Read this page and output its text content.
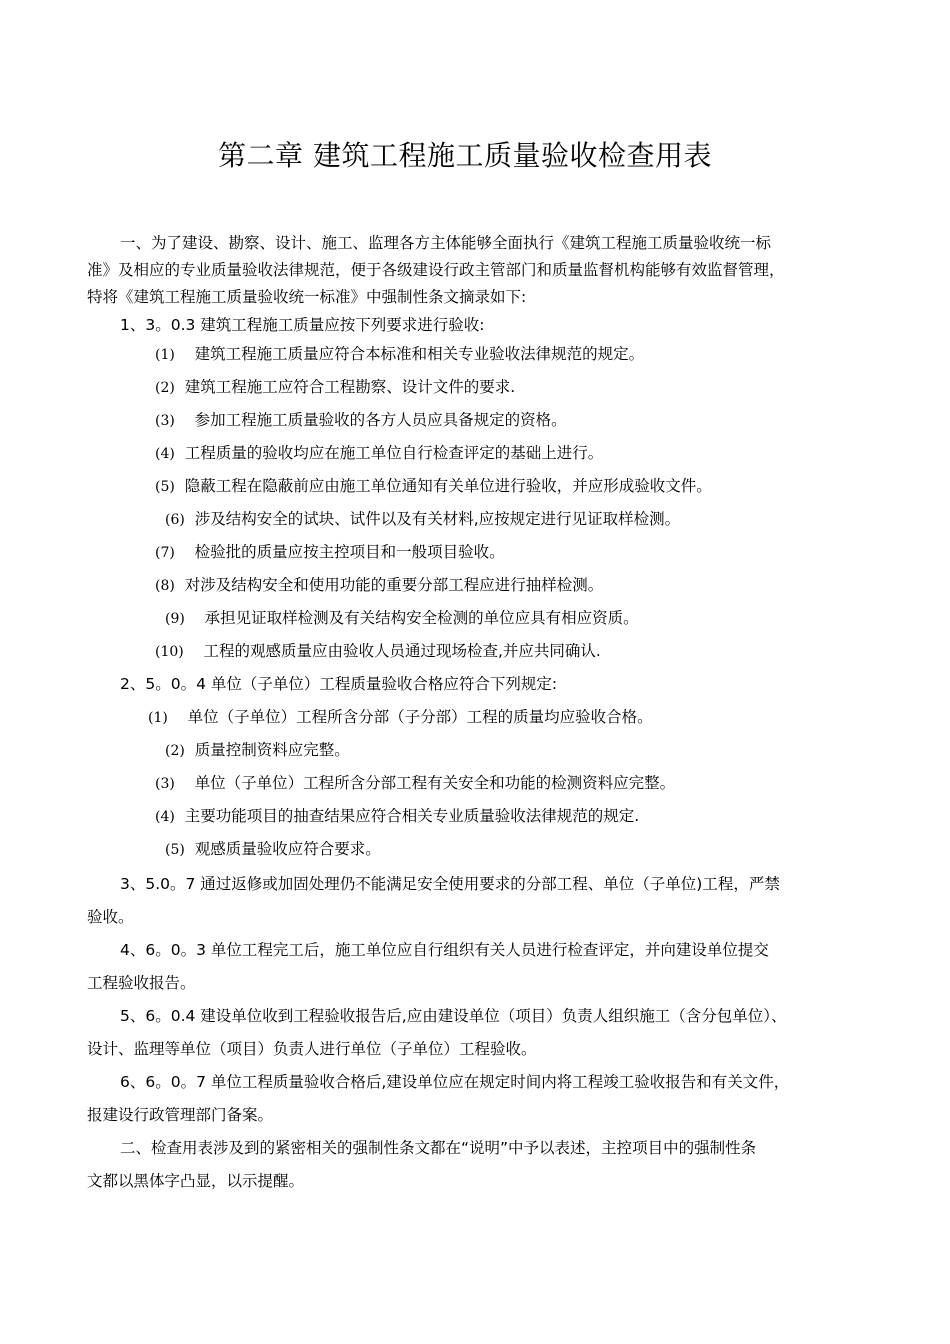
第二章 建筑工程施工质量验收检查用表
一、为了建设、勘察、设计、施工、监理各方主体能够全面执行《建筑工程施工质量验收统一标
准》及相应的专业质量验收法律规范，便于各级建设行政主管部门和质量监督机构能够有效监督管理，
特将《建筑工程施工质量验收统一标准》中强制性条文摘录如下:
1、3。0.3 建筑工程施工质量应按下列要求进行验收:
(1) 建筑工程施工质量应符合本标准和相关专业验收法律规范的规定。
(2) 建筑工程施工应符合工程勘察、设计文件的要求.
(3) 参加工程施工质量验收的各方人员应具备规定的资格。
(4) 工程质量的验收均应在施工单位自行检查评定的基础上进行。
(5) 隐蔽工程在隐蔽前应由施工单位通知有关单位进行验收，并应形成验收文件。
(6) 涉及结构安全的试块、试件以及有关材料,应按规定进行见证取样检测。
(7) 检验批的质量应按主控项目和一般项目验收。
(8) 对涉及结构安全和使用功能的重要分部工程应进行抽样检测。
(9) 承担见证取样检测及有关结构安全检测的单位应具有相应资质。
(10) 工程的观感质量应由验收人员通过现场检查,并应共同确认.
2、5。0。4 单位（子单位）工程质量验收合格应符合下列规定:
(1) 单位（子单位）工程所含分部（子分部）工程的质量均应验收合格。
(2) 质量控制资料应完整。
(3) 单位（子单位）工程所含分部工程有关安全和功能的检测资料应完整。
(4) 主要功能项目的抽查结果应符合相关专业质量验收法律规范的规定.
(5) 观感质量验收应符合要求。
3、5.0。7 通过返修或加固处理仍不能满足安全使用要求的分部工程、单位（子单位)工程，严禁
验收。
4、6。0。3 单位工程完工后，施工单位应自行组织有关人员进行检查评定，并向建设单位提交
工程验收报告。
5、6。0.4 建设单位收到工程验收报告后,应由建设单位（项目）负责人组织施工（含分包单位）、
设计、监理等单位（项目）负责人进行单位（子单位）工程验收。
6、6。0。7 单位工程质量验收合格后,建设单位应在规定时间内将工程竣工验收报告和有关文件，
报建设行政管理部门备案。
二、检查用表涉及到的紧密相关的强制性条文都在“说明”中予以表述，主控项目中的强制性条
文都以黑体字凸显，以示提醒。
